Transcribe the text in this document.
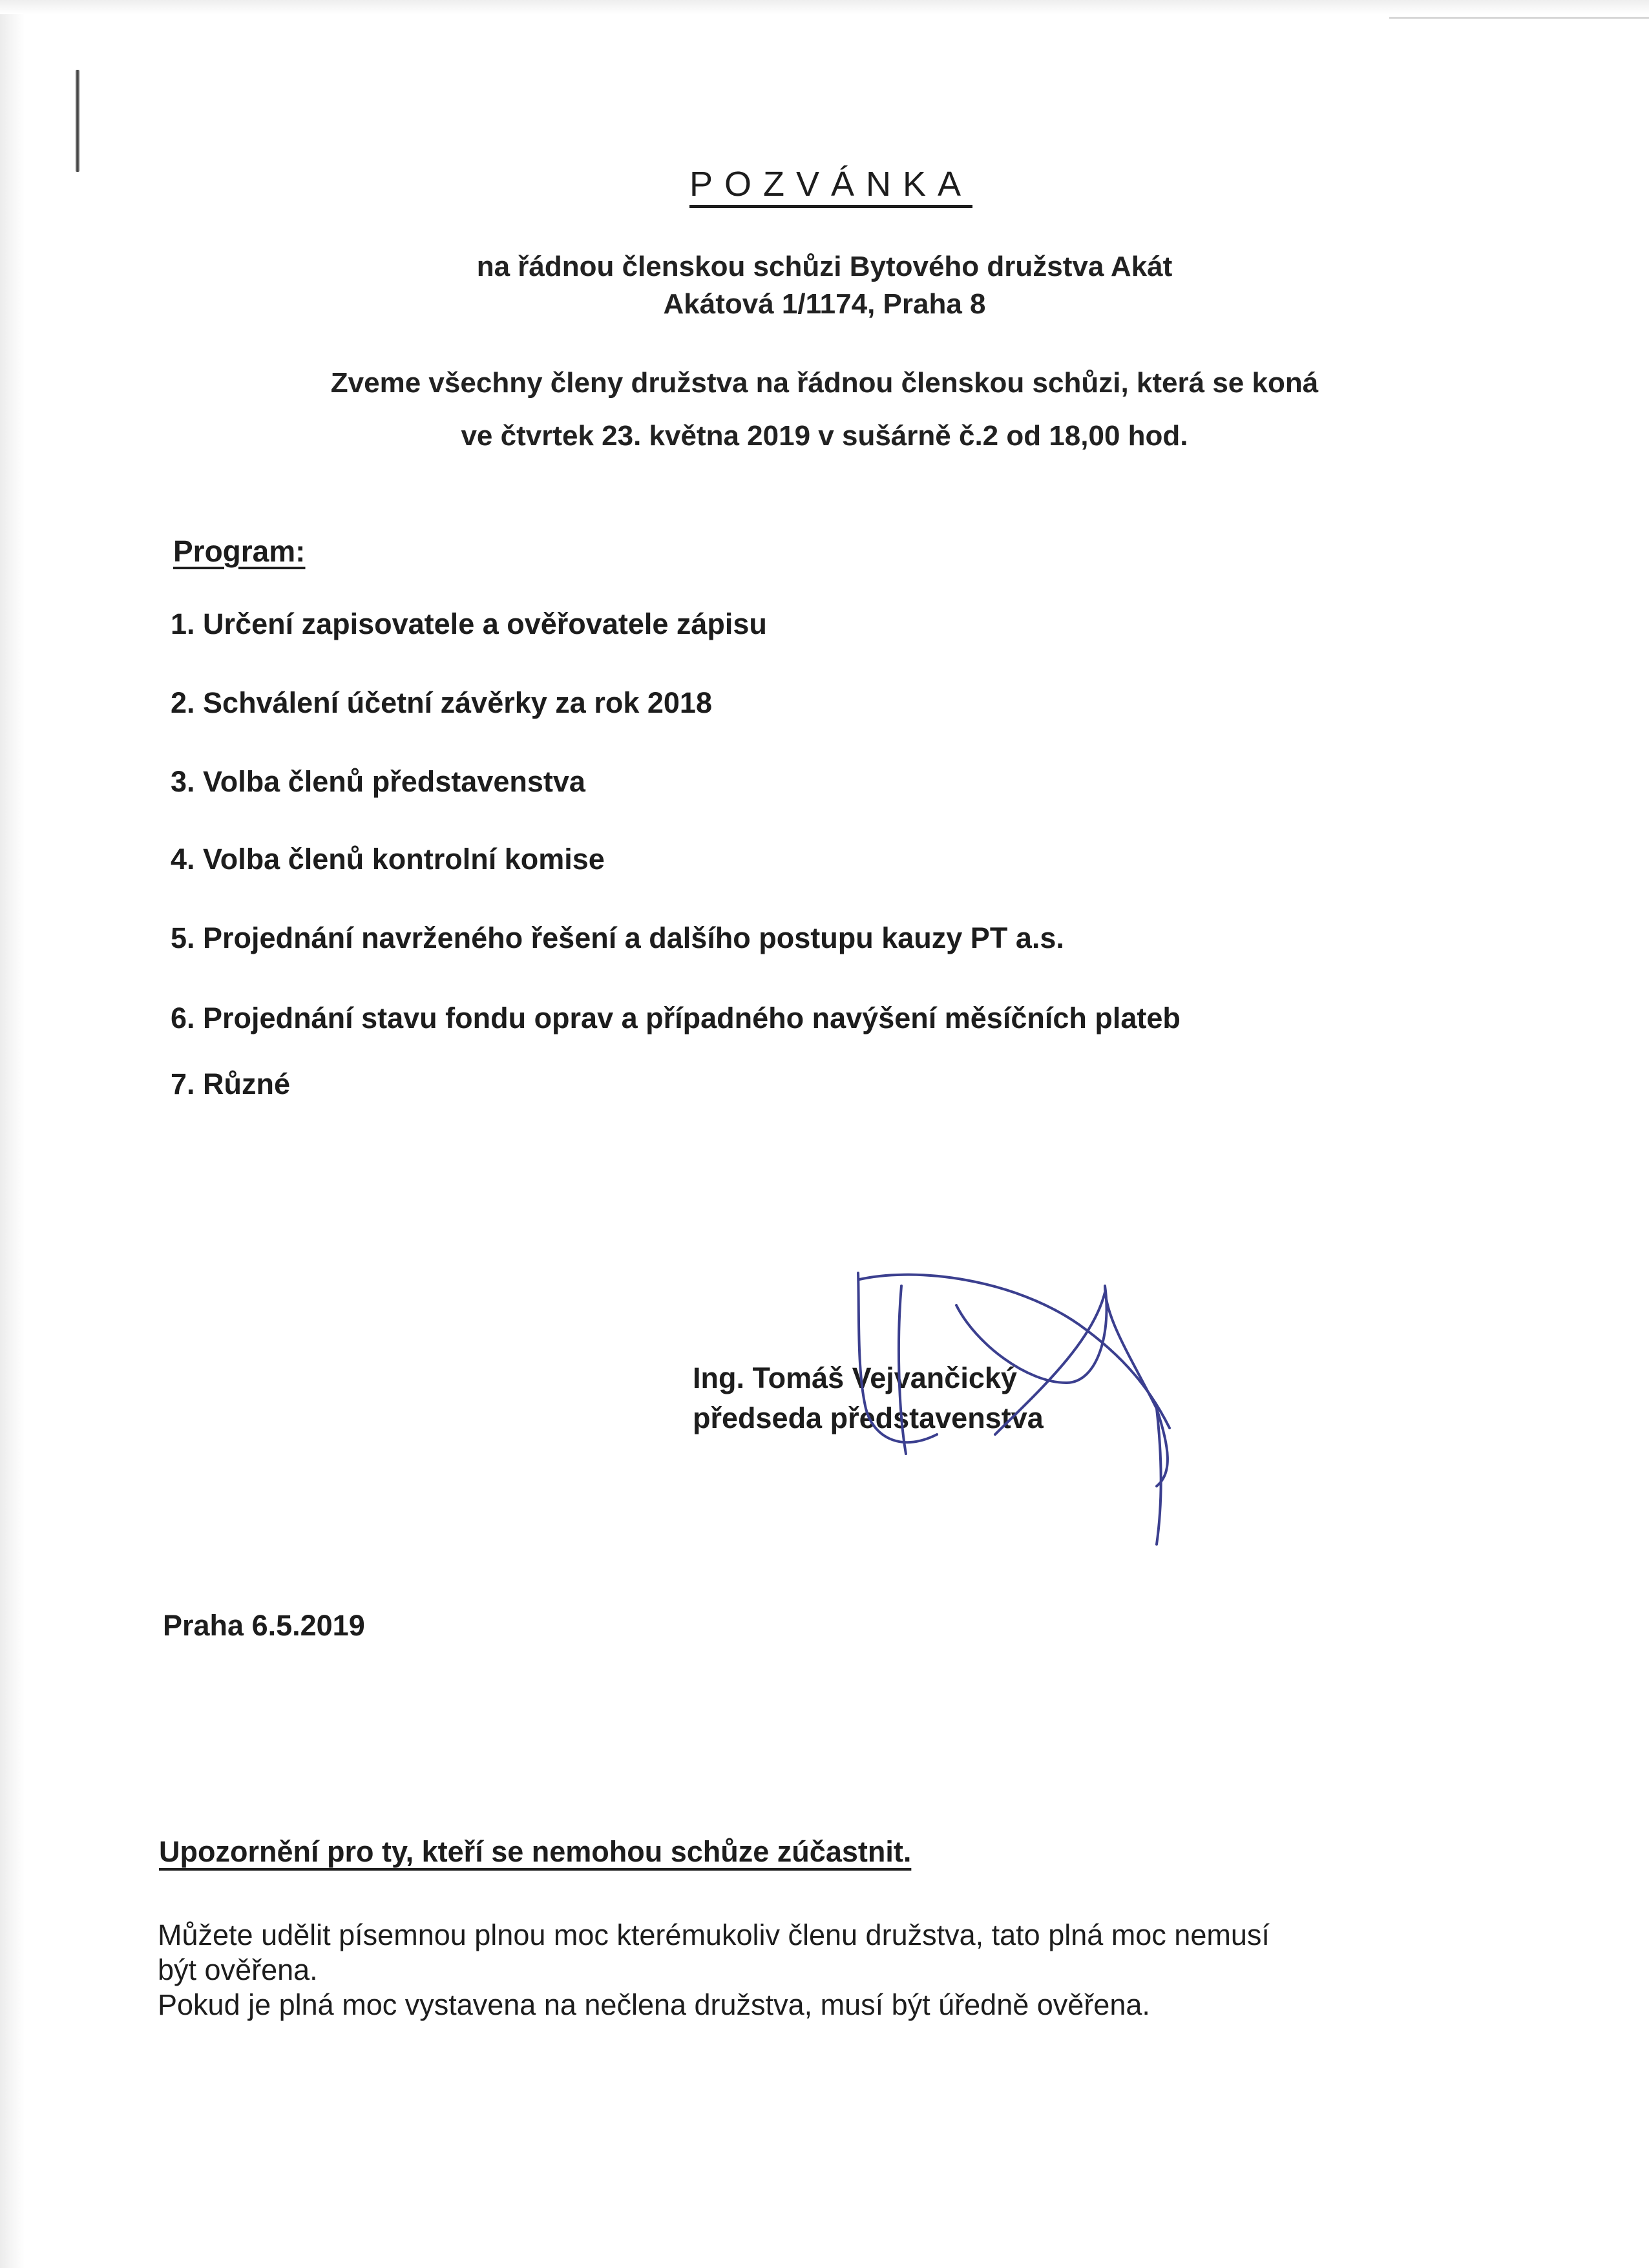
POZVÁNKA
na řádnou členskou schůzi Bytového družstva Akát
Akátová 1/1174, Praha 8
Zveme všechny členy družstva na řádnou členskou schůzi, která se koná
ve čtvrtek 23. května 2019 v sušárně č.2 od 18,00 hod.
Program:
1. Určení zapisovatele a ověřovatele zápisu
2. Schválení účetní závěrky za rok 2018
3. Volba členů představenstva
4. Volba členů kontrolní komise
5. Projednání navrženého řešení a dalšího postupu kauzy PT a.s.
6. Projednání stavu fondu oprav a případného navýšení měsíčních plateb
7. Různé
Ing. Tomáš Vejvančický
předseda představenstva
Praha 6.5.2019
Upozornění pro ty, kteří se nemohou schůze zúčastnit.

Můžete udělit písemnou plnou moc kterémukoliv členu družstva, tato plná moc nemusí

být ověřena.

Pokud je plná moc vystavena na nečlena družstva, musí být úředně ověřena.
